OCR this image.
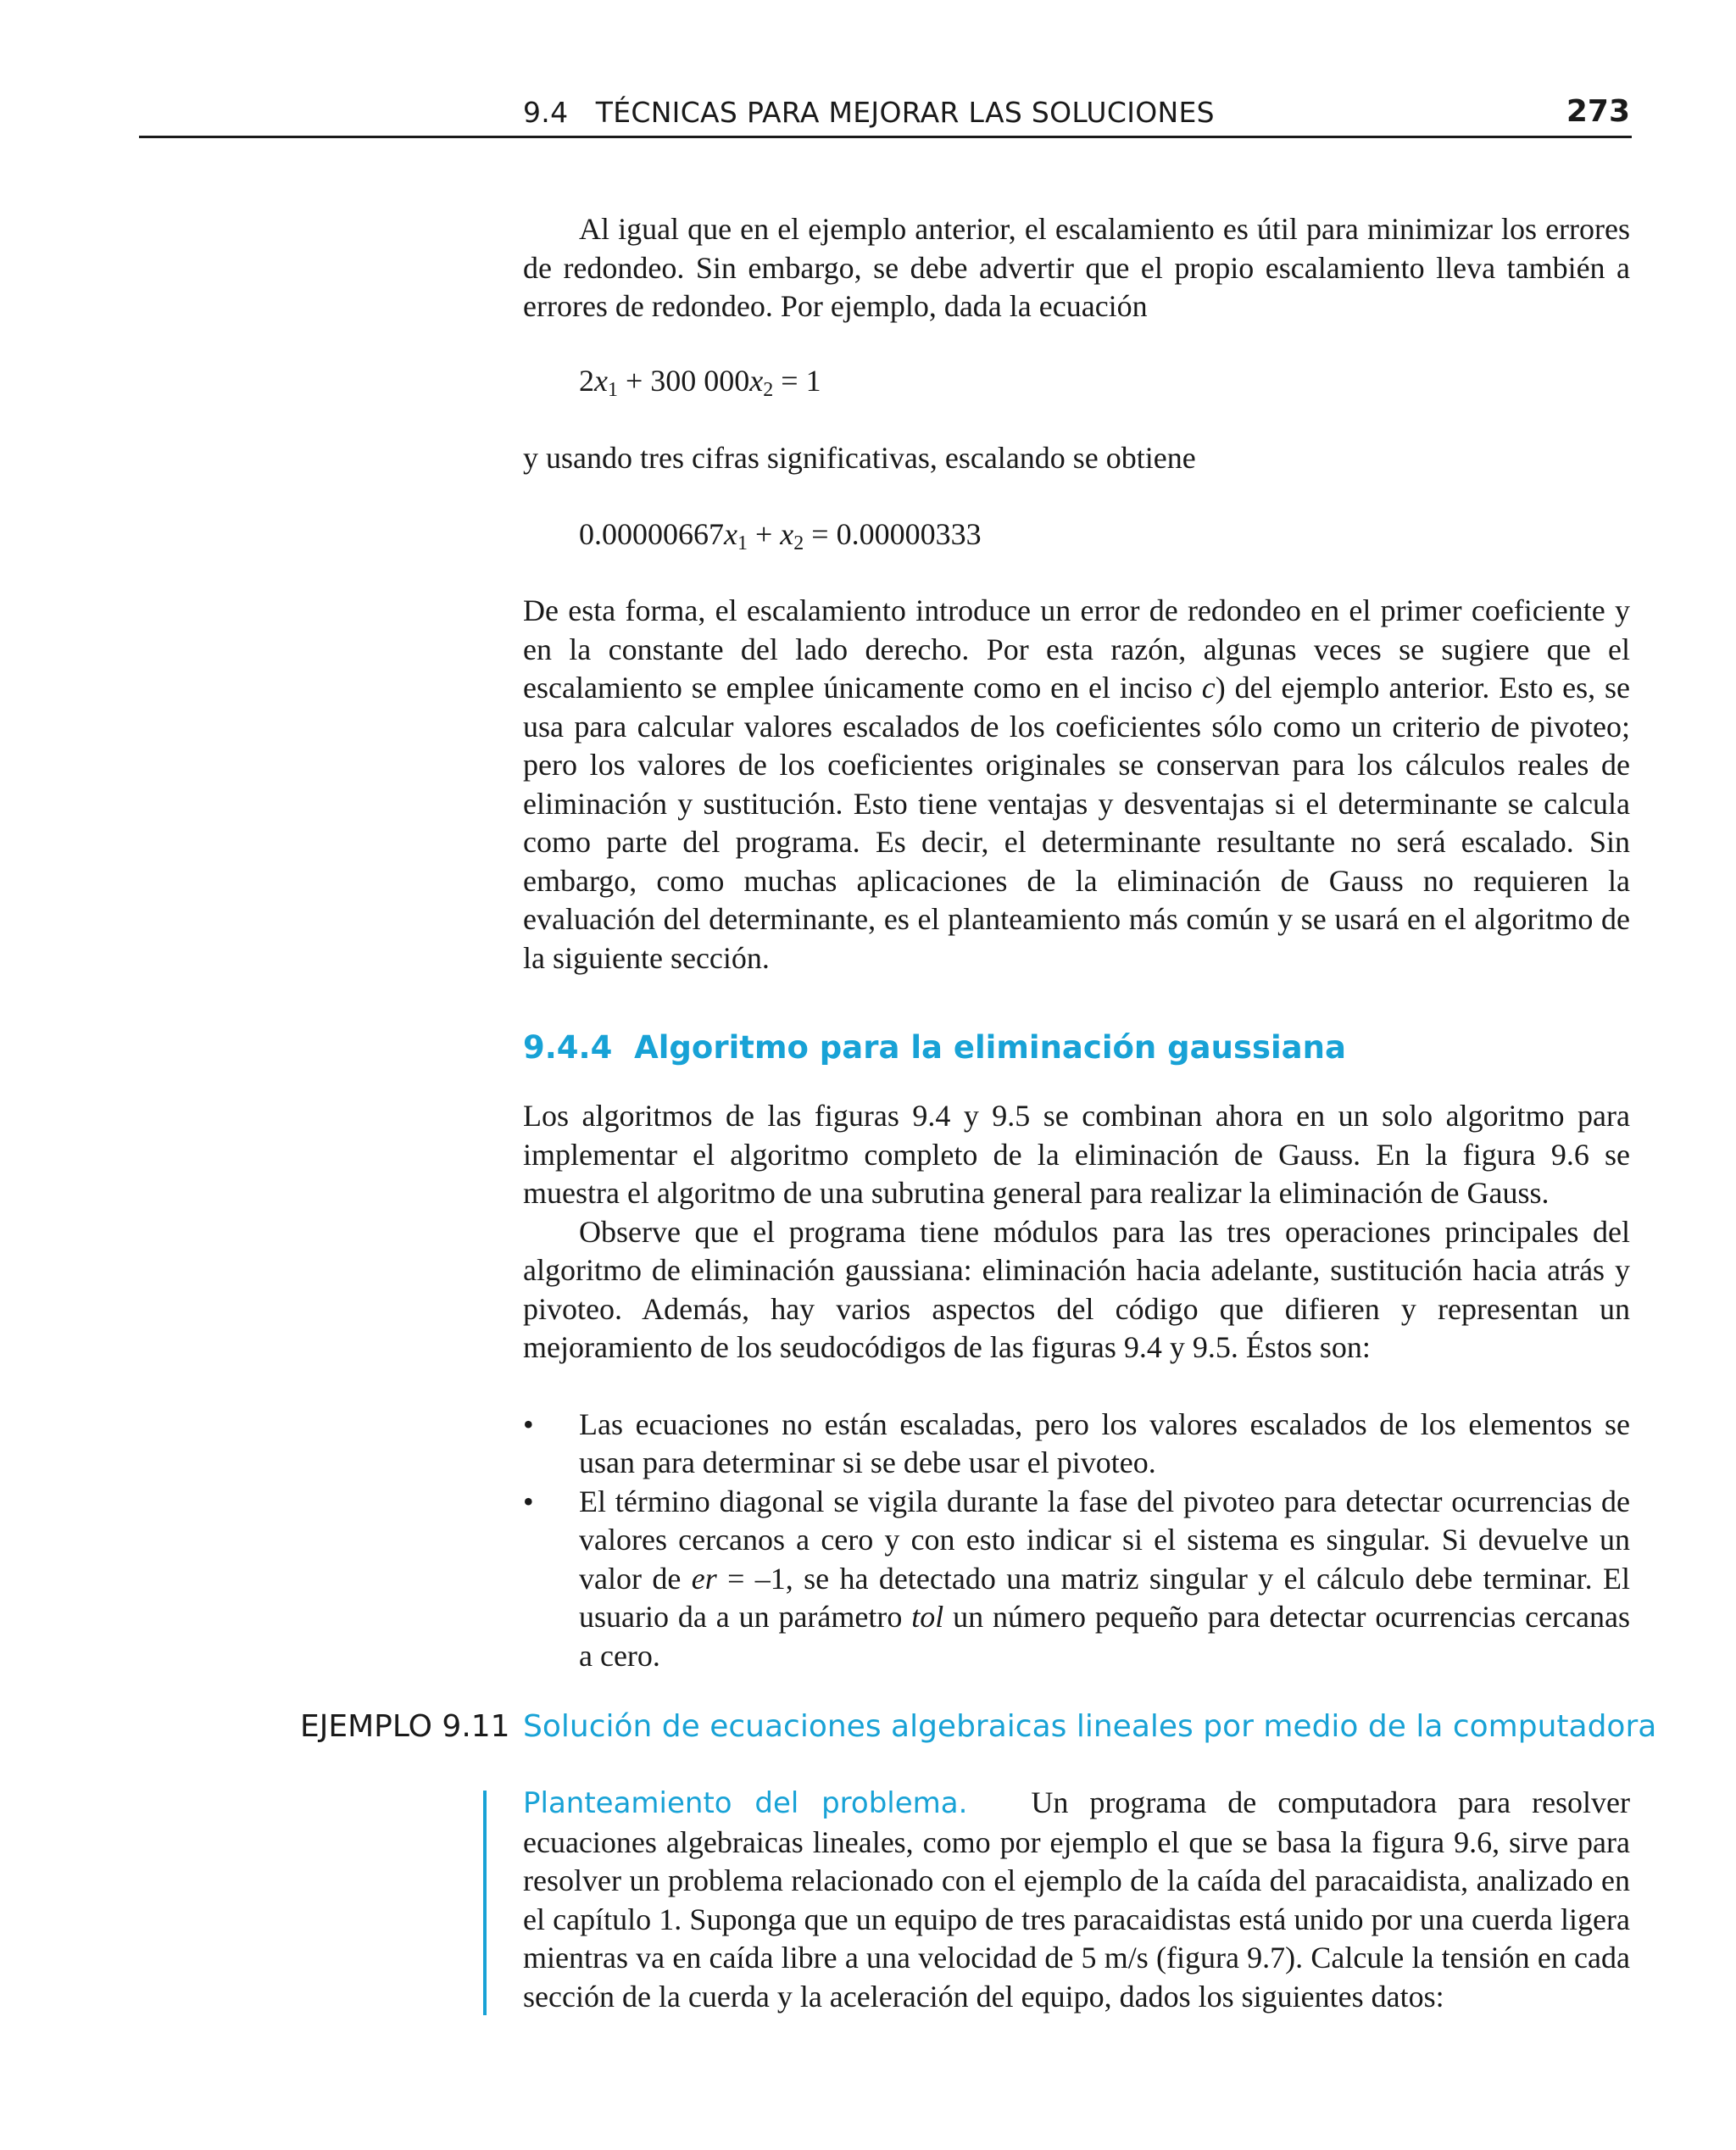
9.4   TÉCNICAS PARA MEJORAR LAS SOLUCIONES	273

Al igual que en el ejemplo anterior, el escalamiento es útil para minimizar los errores de redondeo. Sin embargo, se debe advertir que el propio escalamiento lleva también a errores de redondeo. Por ejemplo, dada la ecuación

$2x_1 + 300$ $000x_2 = 1$

y usando tres cifras significativas, escalando se obtiene

$0.00000667x_1 + x_2 = 0.00000333$

De esta forma, el escalamiento introduce un error de redondeo en el primer coeficiente y en la constante del lado derecho. Por esta razón, algunas veces se sugiere que el escalamiento se emplee únicamente como en el inciso c) del ejemplo anterior. Esto es, se usa para calcular valores escalados de los coeficientes sólo como un criterio de pivoteo; pero los valores de los coeficientes originales se conservan para los cálculos reales de eliminación y sustitución. Esto tiene ventajas y desventajas si el determinante se calcula como parte del programa. Es decir, el determinante resultante no será escalado. Sin embargo, como muchas aplicaciones de la eliminación de Gauss no requieren la evaluación del determinante, es el planteamiento más común y se usará en el algoritmo de la siguiente sección.

9.4.4  Algoritmo para la eliminación gaussiana

Los algoritmos de las figuras 9.4 y 9.5 se combinan ahora en un solo algoritmo para implementar el algoritmo completo de la eliminación de Gauss. En la figura 9.6 se muestra el algoritmo de una subrutina general para realizar la eliminación de Gauss.

Observe que el programa tiene módulos para las tres operaciones principales del algoritmo de eliminación gaussiana: eliminación hacia adelante, sustitución hacia atrás y pivoteo. Además, hay varios aspectos del código que difieren y representan un mejoramiento de los seudocódigos de las figuras 9.4 y 9.5. Éstos son:

• Las ecuaciones no están escaladas, pero los valores escalados de los elementos se usan para determinar si se debe usar el pivoteo.
• El término diagonal se vigila durante la fase del pivoteo para detectar ocurrencias de valores cercanos a cero y con esto indicar si el sistema es singular. Si devuelve un valor de er = –1, se ha detectado una matriz singular y el cálculo debe terminar. El usuario da a un parámetro tol un número pequeño para detectar ocurrencias cercanas a cero.
EJEMPLO 9.11 Solución de ecuaciones algebraicas lineales por medio de la computadora

Planteamiento del problema. Un programa de computadora para resolver ecuaciones algebraicas lineales, como por ejemplo el que se basa la figura 9.6, sirve para resolver un problema relacionado con el ejemplo de la caída del paracaidista, analizado en el capítulo 1. Suponga que un equipo de tres paracaidistas está unido por una cuerda ligera mientras va en caída libre a una velocidad de 5 m/s (figura 9.7). Calcule la tensión en cada sección de la cuerda y la aceleración del equipo, dados los siguientes datos:
